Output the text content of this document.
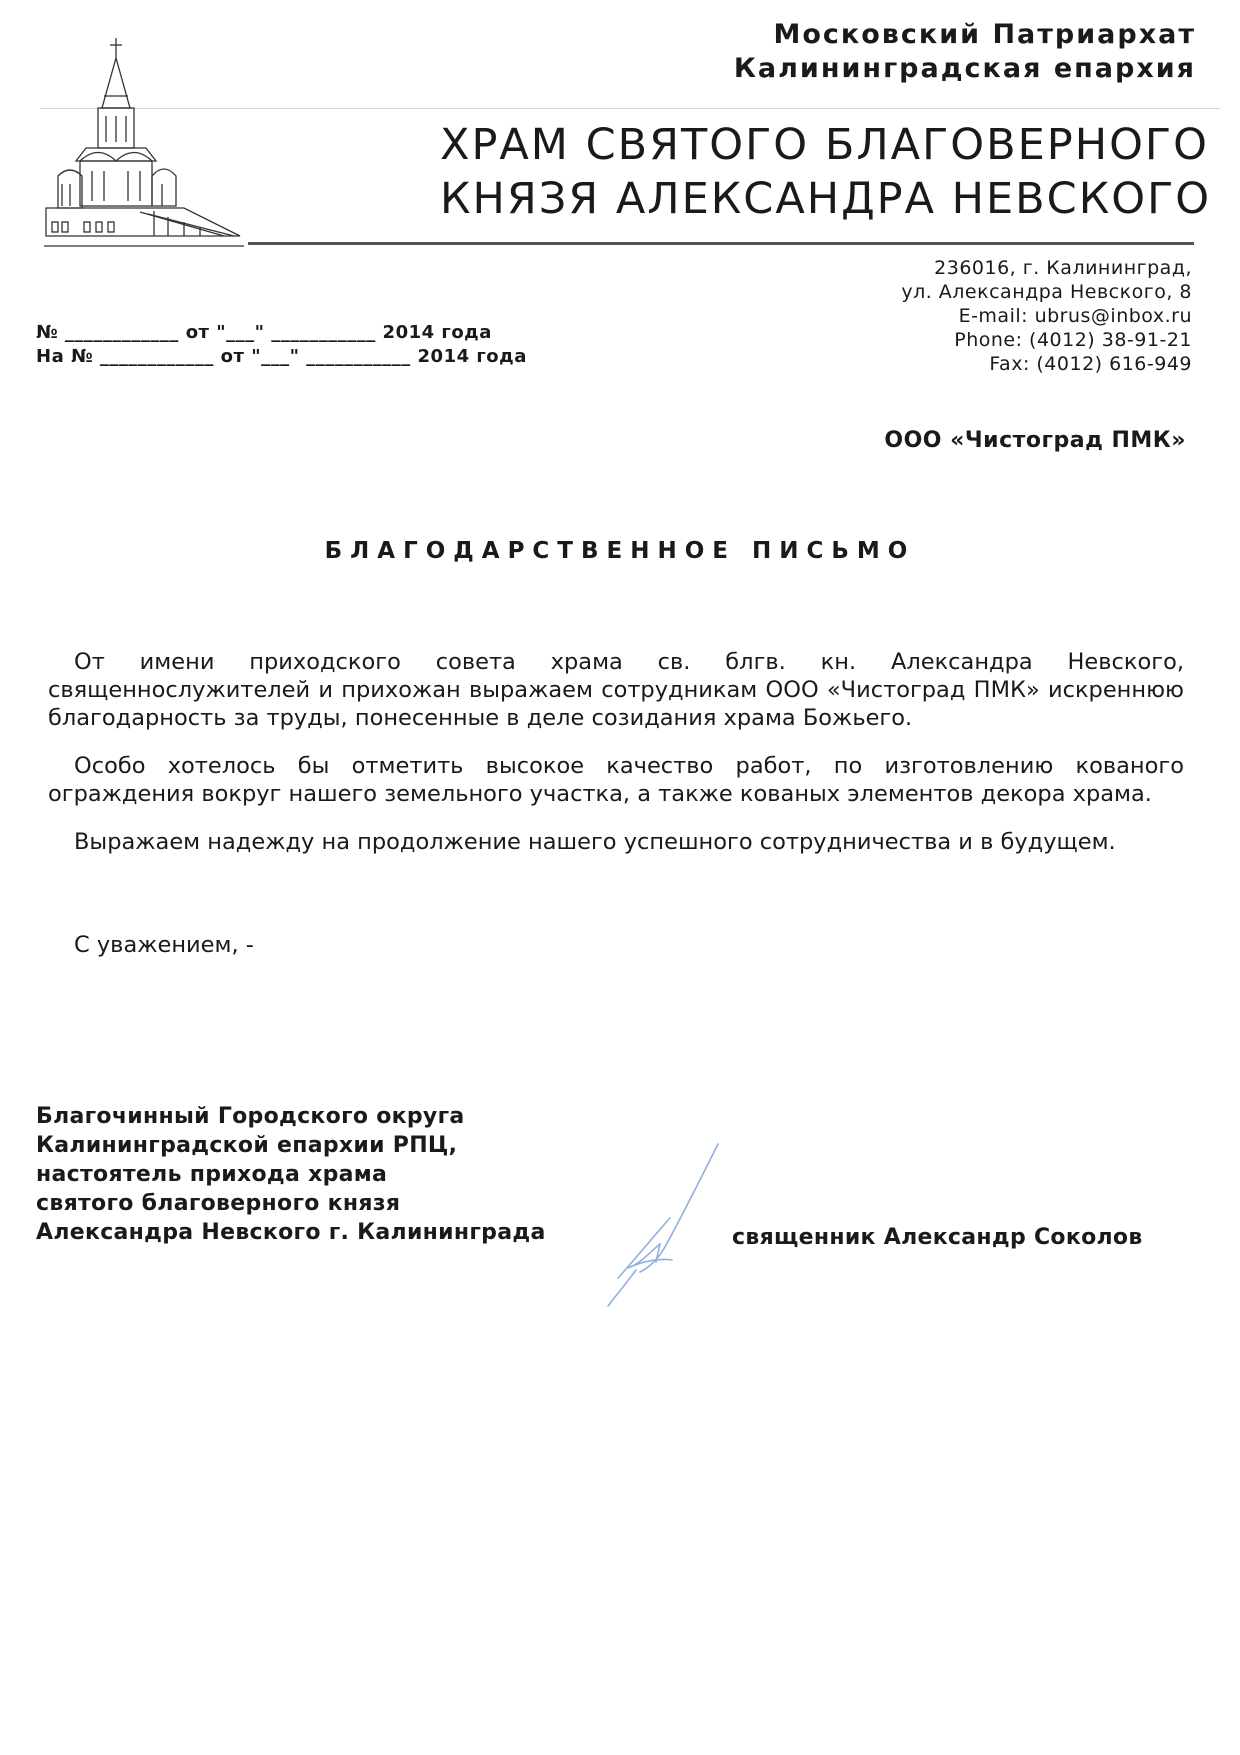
Московский Патриархат
Калининградская епархия
ХРАМ СВЯТОГО БЛАГОВЕРНОГО
КНЯЗЯ АЛЕКСАНДРА НЕВСКОГО
236016, г. Калининград,
ул. Александра Невского, 8
E-mail: ubrus@inbox.ru
Phone: (4012) 38-91-21
Fax: (4012) 616-949
№ ____________ от "___" ___________ 2014 года
На № ____________ от "___" ___________ 2014 года
ООО «Чистоград ПМК»
БЛАГОДАРСТВЕННОЕ ПИСЬМО

От имени приходского совета храма св. блгв. кн. Александра Невского, священнослужителей и прихожан выражаем сотрудникам ООО «Чистоград ПМК» искреннюю благодарность за труды, понесенные в деле созидания храма Божьего.

Особо хотелось бы отметить высокое качество работ, по изготовлению кованого ограждения вокруг нашего земельного участка, а также кованых элементов декора храма.

Выражаем надежду на продолжение нашего успешного сотрудничества и в будущем.

С уважением, -
Благочинный Городского округа
Калининградской епархии РПЦ,
настоятель прихода храма
святого благоверного князя
Александра Невского г. Калининграда	священник Александр Соколов
